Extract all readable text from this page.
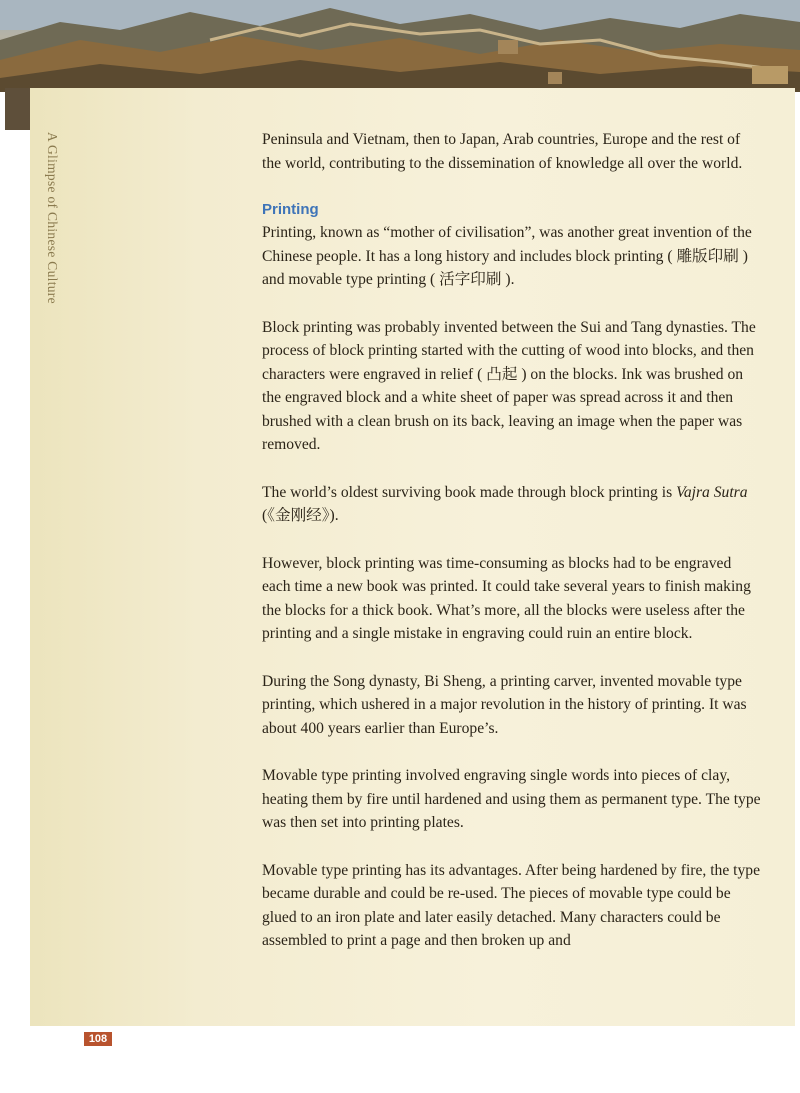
A Glimpse of Chinese Culture	Peninsula and Vietnam, then to Japan, Arab countries, Europe and the rest of the world, contributing to the dissemination of knowledge all over the world.

Printing

Printing, known as “mother of civilisation”, was another great invention of the Chinese people. It has a long history and includes block printing ( 雕版印刷 ) and movable type printing ( 活字印刷 ).

Block printing was probably invented between the Sui and Tang dynasties. The process of block printing started with the cutting of wood into blocks, and then characters were engraved in relief ( 凸起 ) on the blocks. Ink was brushed on the engraved block and a white sheet of paper was spread across it and then brushed with a clean brush on its back, leaving an image when the paper was removed.

The world’s oldest surviving book made through block printing is Vajra Sutra (《金刚经》).

However, block printing was time-consuming as blocks had to be engraved each time a new book was printed. It could take several years to finish making the blocks for a thick book. What’s more, all the blocks were useless after the printing and a single mistake in engraving could ruin an entire block.

During the Song dynasty, Bi Sheng, a printing carver, invented movable type printing, which ushered in a major revolution in the history of printing. It was about 400 years earlier than Europe’s.

Movable type printing involved engraving single words into pieces of clay, heating them by fire until hardened and using them as permanent type. The type was then set into printing plates.

Movable type printing has its advantages. After being hardened by fire, the type became durable and could be re-used. The pieces of movable type could be glued to an iron plate and later easily detached. Many characters could be assembled to print a page and then broken up and

108
